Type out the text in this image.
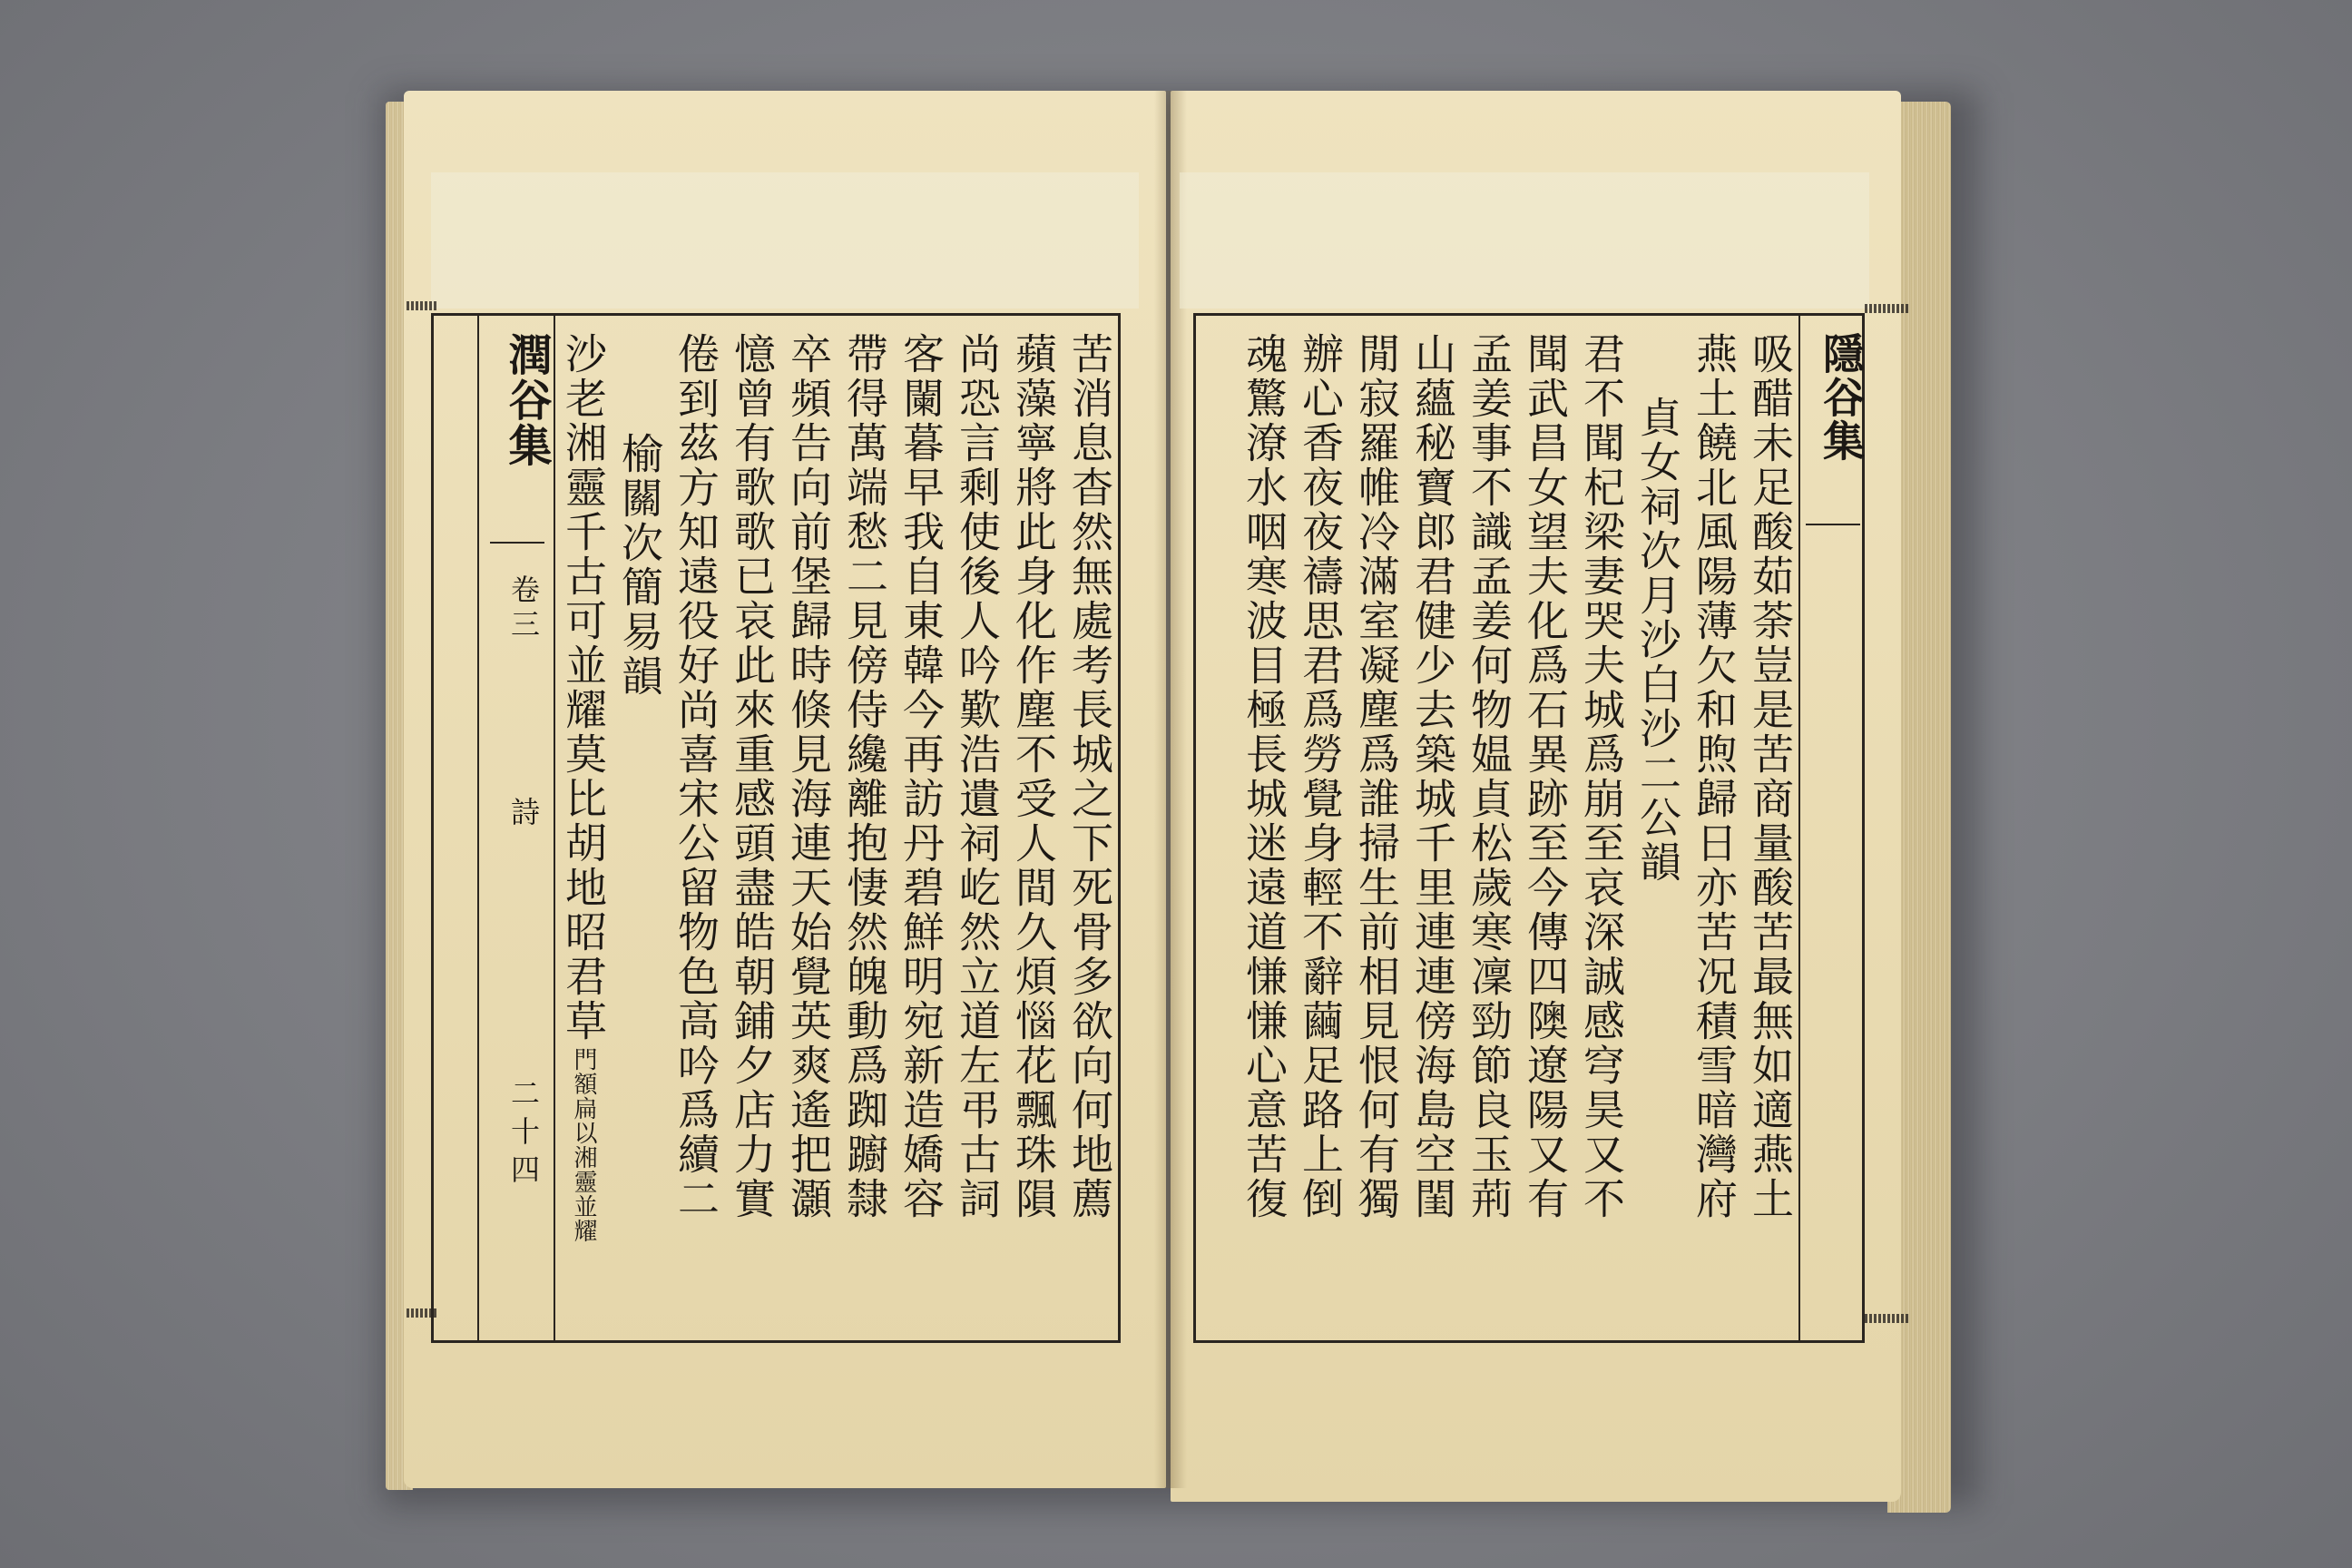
苦消息杳然無處考長城之下死骨多欲向何地薦
蘋藻寧將此身化作塵不受人間久煩惱花飄珠隕
尚恐言剩使後人吟歎浩遺祠屹然立道左弔古詞
客闌暮早我自東韓今再訪丹碧鮮明宛新造嬌容
帶得萬端愁二見傍侍纔離抱悽然魄動爲踟躕隸
卒頻告向前堡歸時倏見海連天始覺英爽遙把灝
憶曾有歌歌已哀此來重感頭盡皓朝鋪夕店力實
倦到茲方知遠役好尚喜宋公留物色高吟爲續二
榆關次簡易韻
沙老湘靈千古可並耀莫比胡地昭君草
門額扁以湘靈並耀
潤谷集
卷三
詩
二十四
隱谷集
吸醋未足酸茹荼豈是苦商量酸苦最無如適燕土
燕土饒北風陽薄欠和煦歸日亦苦况積雪暗灣府
貞女祠次月沙白沙二公韻
君不聞杞梁妻哭夫城爲崩至哀深誠感穹昊又不
聞武昌女望夫化爲石異跡至今傳四隩遼陽又有
孟姜事不識孟姜何物媪貞松歲寒凜勁節良玉荊
山蘊秘寶郎君健少去築城千里連連傍海島空閨
閒寂羅帷冷滿室凝塵爲誰掃生前相見恨何有獨
辦心香夜夜禱思君爲勞覺身輕不辭繭足路上倒
魂驚潦水咽寒波目極長城迷遠道慊慊心意苦復
